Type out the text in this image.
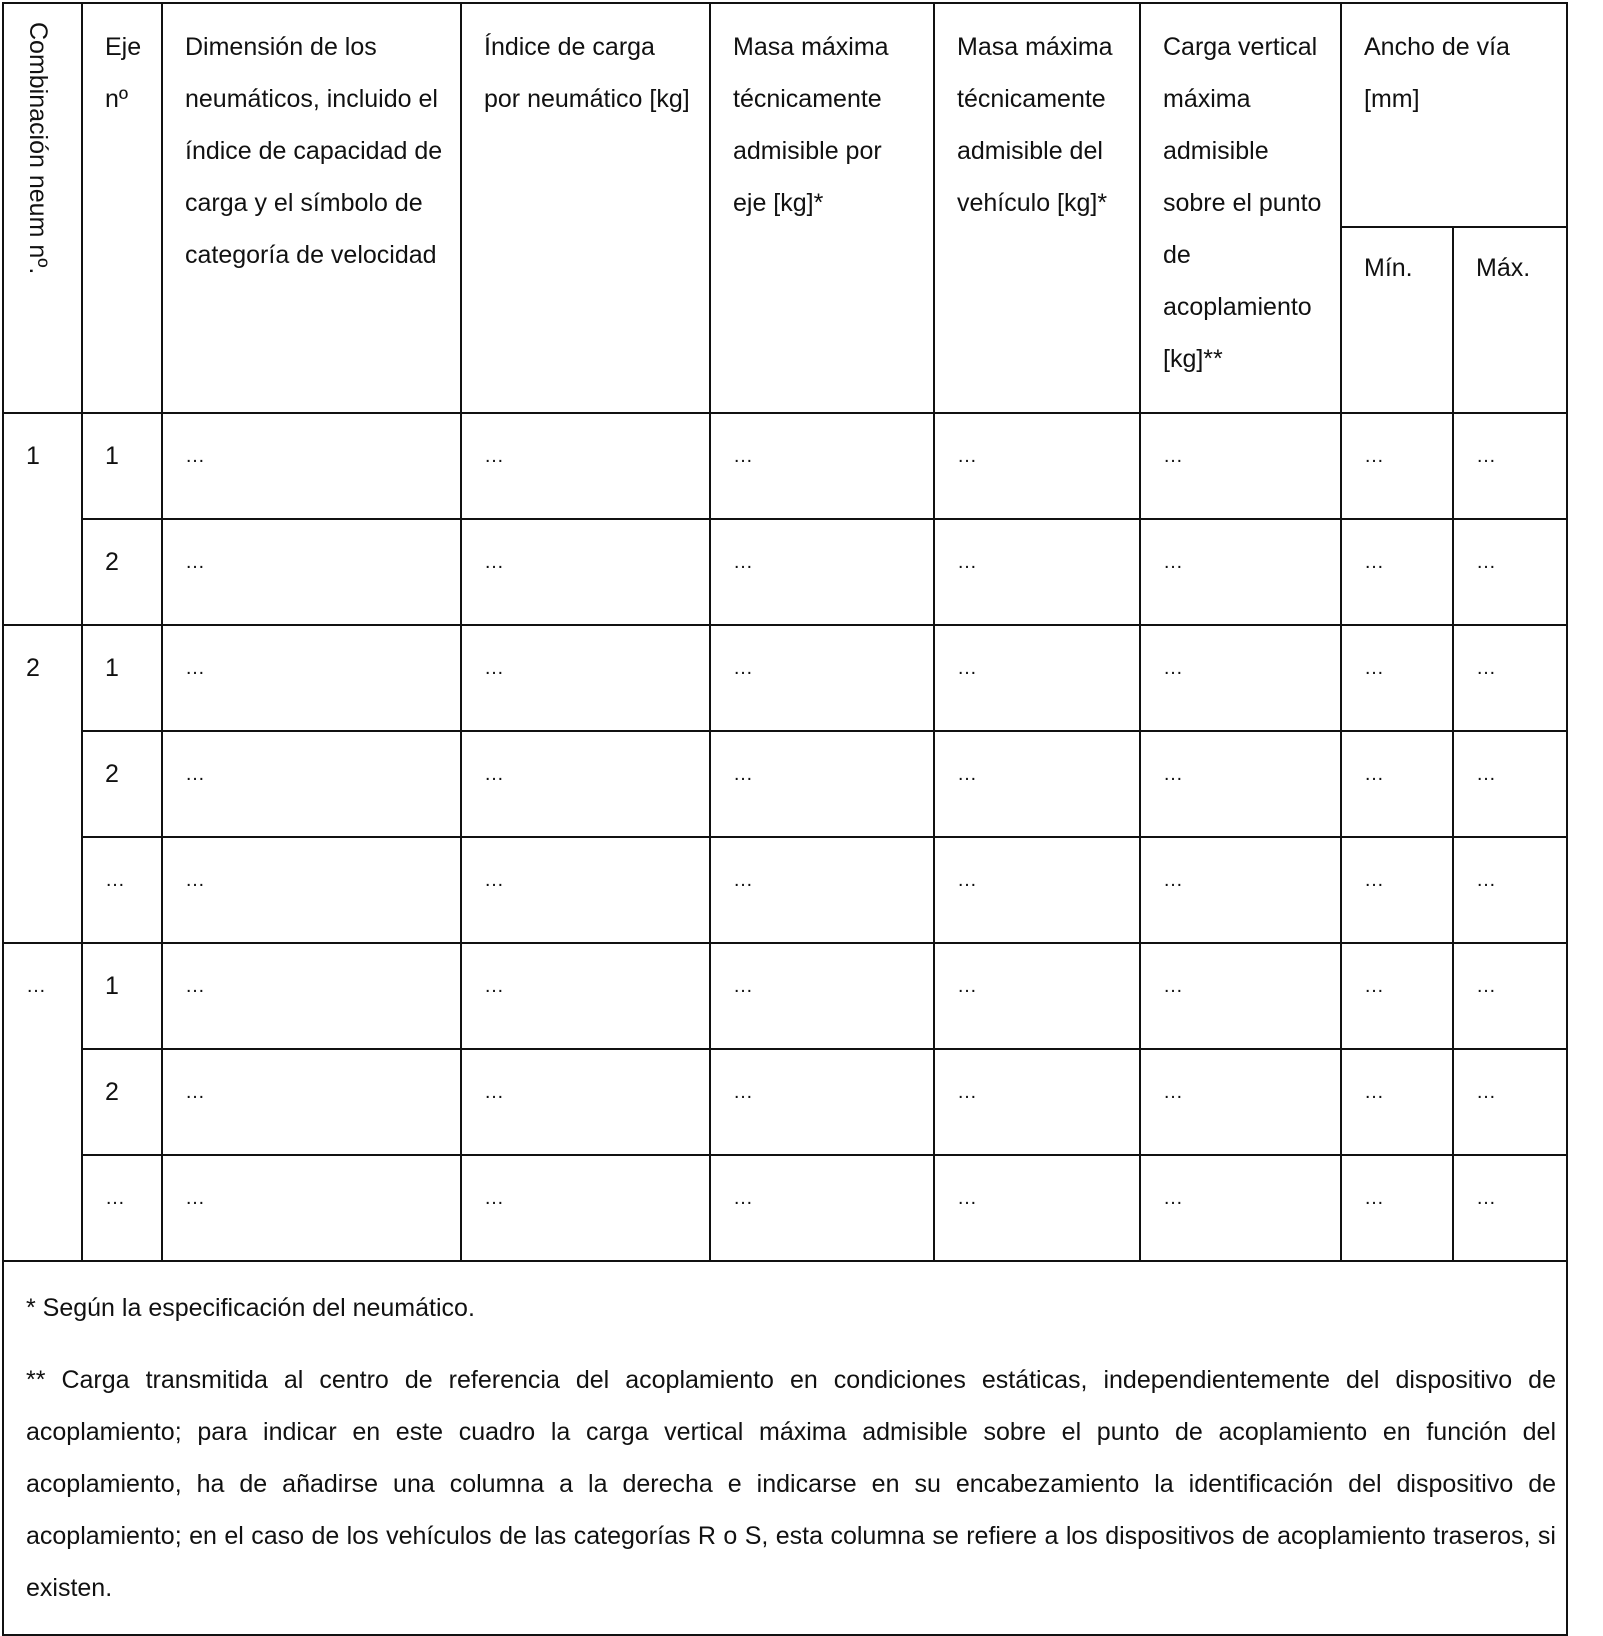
Combinación neum nº.	Eje nº	Dimensión de los neumáticos, incluido el índice de capacidad de carga y el símbolo de categoría de velocidad	Índice de carga por neumático [kg]	Masa máxima técnicamente admisible por eje [kg]*	Masa máxima técnicamente admisible del vehículo [kg]*	Carga vertical máxima admisible sobre el punto de acoplamiento [kg]**	Ancho de vía [mm]	
							Mín.	Máx.
1	1	…	…	…	…	…	…	…
	2	…	…	…	…	…	…	…
2	1	…	…	…	…	…	…	…
	2	…	…	…	…	…	…	…
	…	…	…	…	…	…	…	…
…	1	…	…	…	…	…	…	…
	2	…	…	…	…	…	…	…
	…	…	…	…	…	…	…	…

* Según la especificación del neumático.

** Carga transmitida al centro de referencia del acoplamiento en condiciones estáticas, independientemente del dispositivo de acoplamiento; para indicar en este cuadro la carga vertical máxima admisible sobre el punto de acoplamiento en función del acoplamiento, ha de añadirse una columna a la derecha e indicarse en su encabezamiento la identificación del dispositivo de acoplamiento; en el caso de los vehículos de las categorías R o S, esta columna se refiere a los dispositivos de acoplamiento traseros, si existen.								
